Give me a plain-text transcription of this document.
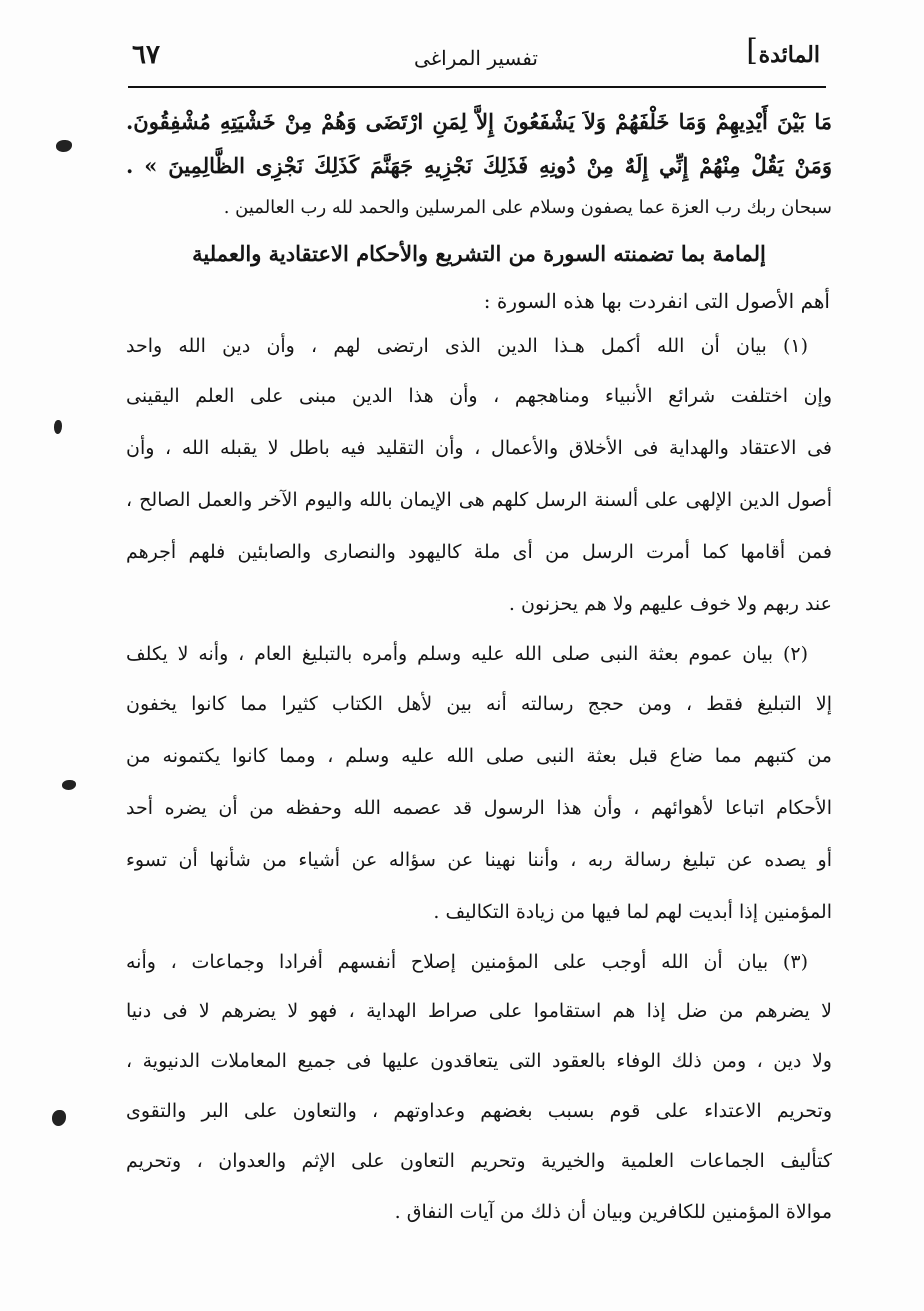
المائدة
]
تفسير المراغى
٦٧
مَا بَيْنَ أَيْدِيهِمْ وَمَا خَلْفَهُمْ وَلاَ يَشْفَعُونَ إِلاَّ لِمَنِ ارْتَضَى وَهُمْ مِنْ خَشْيَتِهِ مُشْفِقُونَ.
وَمَنْ يَقُلْ مِنْهُمْ إِنِّي إِلَهٌ مِنْ دُونِهِ فَذَلِكَ نَجْزِيهِ جَهَنَّمَ كَذَلِكَ نَجْزِى الظَّالِمِينَ » .
سبحان ربك رب العزة عما يصفون وسلام على المرسلين والحمد لله رب العالمين .
إلمامة بما تضمنته السورة من التشريع والأحكام الاعتقادية والعملية
أهم الأصول التى انفردت بها هذه السورة :
(١) بيان أن الله أكمل هـذا الدين الذى ارتضى لهم ، وأن دين الله واحد
وإن اختلفت شرائع الأنبياء ومناهجهم ، وأن هذا الدين مبنى على العلم اليقينى
فى الاعتقاد والهداية فى الأخلاق والأعمال ، وأن التقليد فيه باطل لا يقبله الله ، وأن
أصول الدين الإلهى على ألسنة الرسل كلهم هى الإيمان بالله واليوم الآخر والعمل الصالح ،
فمن أقامها كما أمرت الرسل من أى ملة كاليهود والنصارى والصابئين فلهم أجرهم
عند ربهم ولا خوف عليهم ولا هم يحزنون .
(٢) بيان عموم بعثة النبى صلى الله عليه وسلم وأمره بالتبليغ العام ، وأنه لا يكلف
إلا التبليغ فقط ، ومن حجج رسالته أنه بين لأهل الكتاب كثيرا مما كانوا يخفون
من كتبهم مما ضاع قبل بعثة النبى صلى الله عليه وسلم ، ومما كانوا يكتمونه من
الأحكام اتباعا لأهوائهم ، وأن هذا الرسول قد عصمه الله وحفظه من أن يضره أحد
أو يصده عن تبليغ رسالة ربه ، وأننا نهينا عن سؤاله عن أشياء من شأنها أن تسوء
المؤمنين إذا أبديت لهم لما فيها من زيادة التكاليف .
(٣) بيان أن الله أوجب على المؤمنين إصلاح أنفسهم أفرادا وجماعات ، وأنه
لا يضرهم من ضل إذا هم استقاموا على صراط الهداية ، فهو لا يضرهم لا فى دنيا
ولا دين ، ومن ذلك الوفاء بالعقود التى يتعاقدون عليها فى جميع المعاملات الدنيوية ،
وتحريم الاعتداء على قوم بسبب بغضهم وعداوتهم ، والتعاون على البر والتقوى
كتأليف الجماعات العلمية والخيرية وتحريم التعاون على الإثم والعدوان ، وتحريم
موالاة المؤمنين للكافرين وبيان أن ذلك من آيات النفاق .
